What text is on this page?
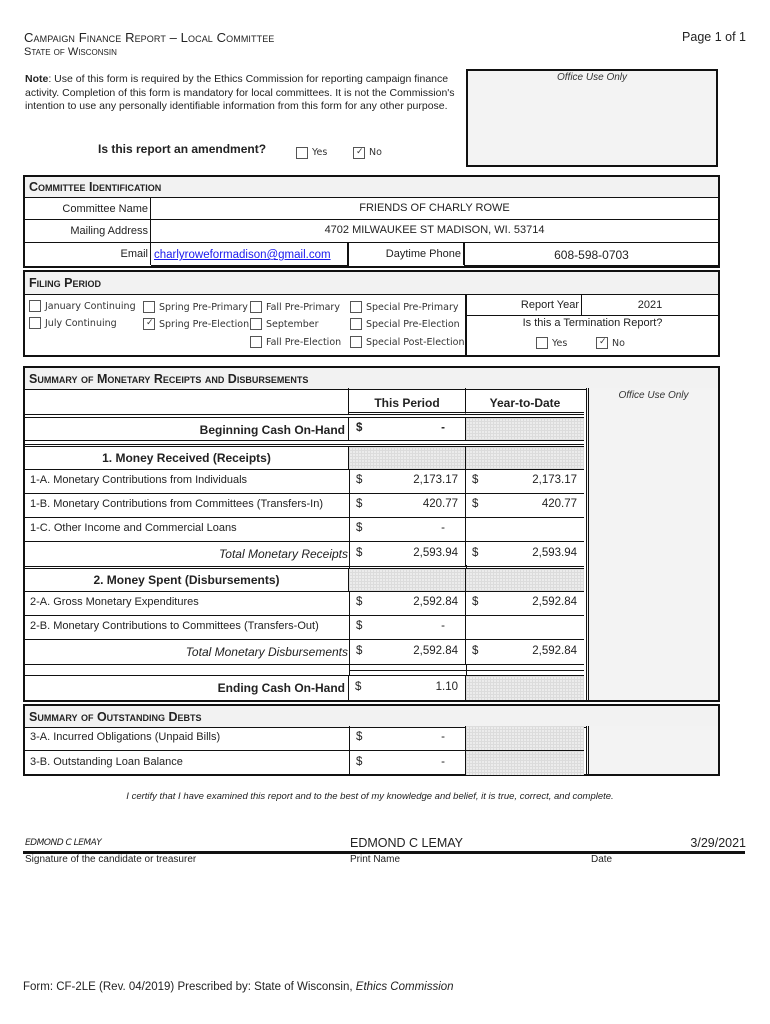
Campaign Finance Report – Local Committee
State of Wisconsin
Page 1 of 1
Note: Use of this form is required by the Ethics Commission for reporting campaign finance activity. Completion of this form is mandatory for local committees. It is not the Commission's intention to use any personally identifiable information from this form for any other purpose.
Is this report an amendment?	Yes ✓	No
Office Use Only
Committee Identification
Committee Name	FRIENDS OF CHARLY ROWE
Mailing Address	4702 MILWAUKEE ST MADISON, WI. 53714
Email charlyroweformadison@gmail.com	Daytime Phone	608-598-0703
Filing Period
January Continuing
July Continuing
Spring Pre-Primary
✓Spring Pre-Election
Fall Pre-Primary
September
Fall Pre-Election
Special Pre-Primary
Special Pre-Election
Special Post-Election
Report Year	2021
Is this a Termination Report?
Yes ✓	No
Summary of Monetary Receipts and Disbursements
Office Use Only
This Period	Year-to-Date
Beginning Cash On-Hand $	-
1. Money Received (Receipts)
1-A. Monetary Contributions from Individuals	$	2,173.17 $	2,173.17
1-B. Monetary Contributions from Committees (Transfers-In)	$	420.77 $	420.77
1-C. Other Income and Commercial Loans	$	-
Total Monetary Receipts $	2,593.94 $	2,593.94
2. Money Spent (Disbursements)
2-A. Gross Monetary Expenditures	$	2,592.84 $	2,592.84
2-B. Monetary Contributions to Committees (Transfers-Out)	$	-
Total Monetary Disbursements $	2,592.84 $	2,592.84
Ending Cash On-Hand $	1.10
Summary of Outstanding Debts
3-A. Incurred Obligations (Unpaid Bills)	$	-
3-B. Outstanding Loan Balance	$	-
I certify that I have examined this report and to the best of my knowledge and belief, it is true, correct, and complete.
EDMOND C LEMAY	EDMOND C LEMAY	3/29/2021
Signature of the candidate or treasurer	Print Name	Date
Form: CF-2LE (Rev. 04/2019) Prescribed by: State of Wisconsin, Ethics Commission
